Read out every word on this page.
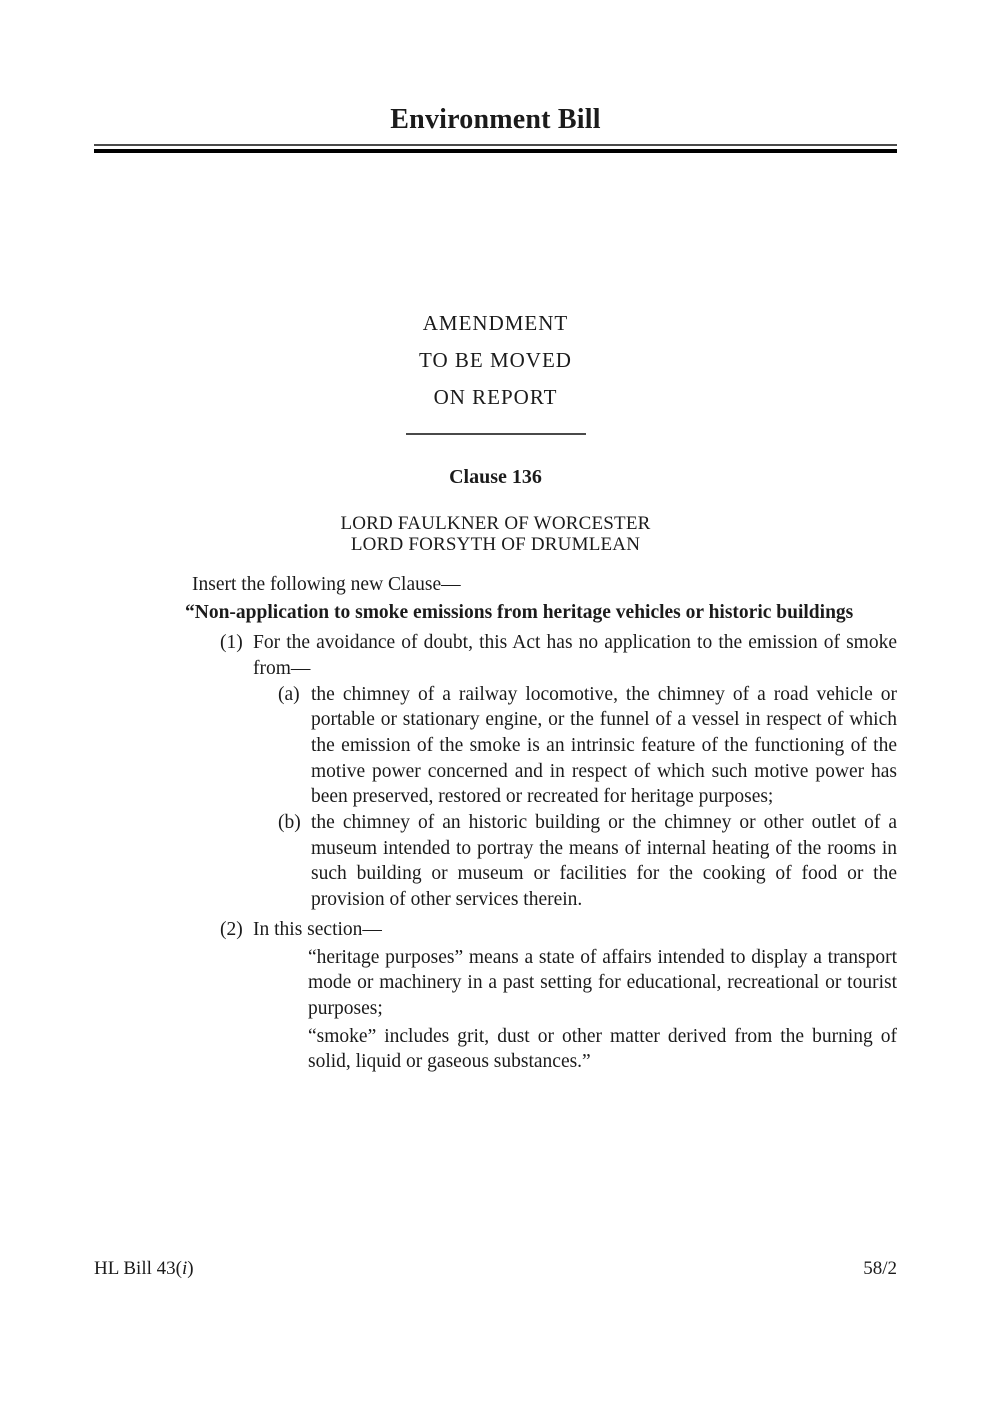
Environment Bill
AMENDMENT
TO BE MOVED
ON REPORT
Clause 136
LORD FAULKNER OF WORCESTER
LORD FORSYTH OF DRUMLEAN

Insert the following new Clause—

“Non-application to smoke emissions from heritage vehicles or historic buildings

(1) For the avoidance of doubt, this Act has no application to the emission of smoke from—

(a) the chimney of a railway locomotive, the chimney of a road vehicle or portable or stationary engine, or the funnel of a vessel in respect of which the emission of the smoke is an intrinsic feature of the functioning of the motive power concerned and in respect of which such motive power has been preserved, restored or recreated for heritage purposes;

(b) the chimney of an historic building or the chimney or other outlet of a museum intended to portray the means of internal heating of the rooms in such building or museum or facilities for the cooking of food or the provision of other services therein.

(2) In this section—

“heritage purposes” means a state of affairs intended to display a transport mode or machinery in a past setting for educational, recreational or tourist purposes;

“smoke” includes grit, dust or other matter derived from the burning of solid, liquid or gaseous substances.”

HL Bill 43(i)	58/2
